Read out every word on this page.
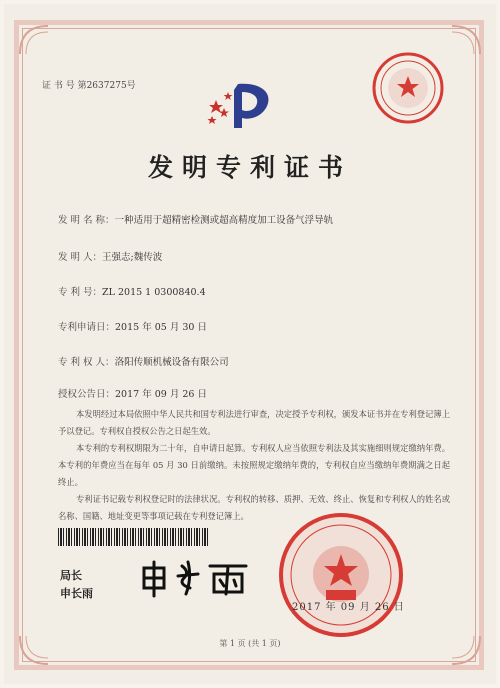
证 书 号 第2637275号
发明专利证书
发 明 名 称：一种适用于超精密检测或超高精度加工设备气浮导轨
发 明 人：王强志;魏传波
专 利 号：ZL 2015 1 0300840.4
专利申请日：2015 年 05 月 30 日
专 利 权 人：洛阳传顺机械设备有限公司
授权公告日：2017 年 09 月 26 日

本发明经过本局依照中华人民共和国专利法进行审查，决定授予专利权，颁发本证书并在专利登记簿上予以登记。专利权自授权公告之日起生效。

本专利的专利权期限为二十年，自申请日起算。专利权人应当依照专利法及其实施细则规定缴纳年费。本专利的年费应当在每年 05 月 30 日前缴纳。未按照规定缴纳年费的，专利权自应当缴纳年费期满之日起终止。

专利证书记载专利权登记时的法律状况。专利权的转移、质押、无效、终止、恢复和专利权人的姓名或名称、国籍、地址变更等事项记载在专利登记簿上。

局长
申长雨
2017 年 09 月 26 日
第 1 页 (共 1 页)
